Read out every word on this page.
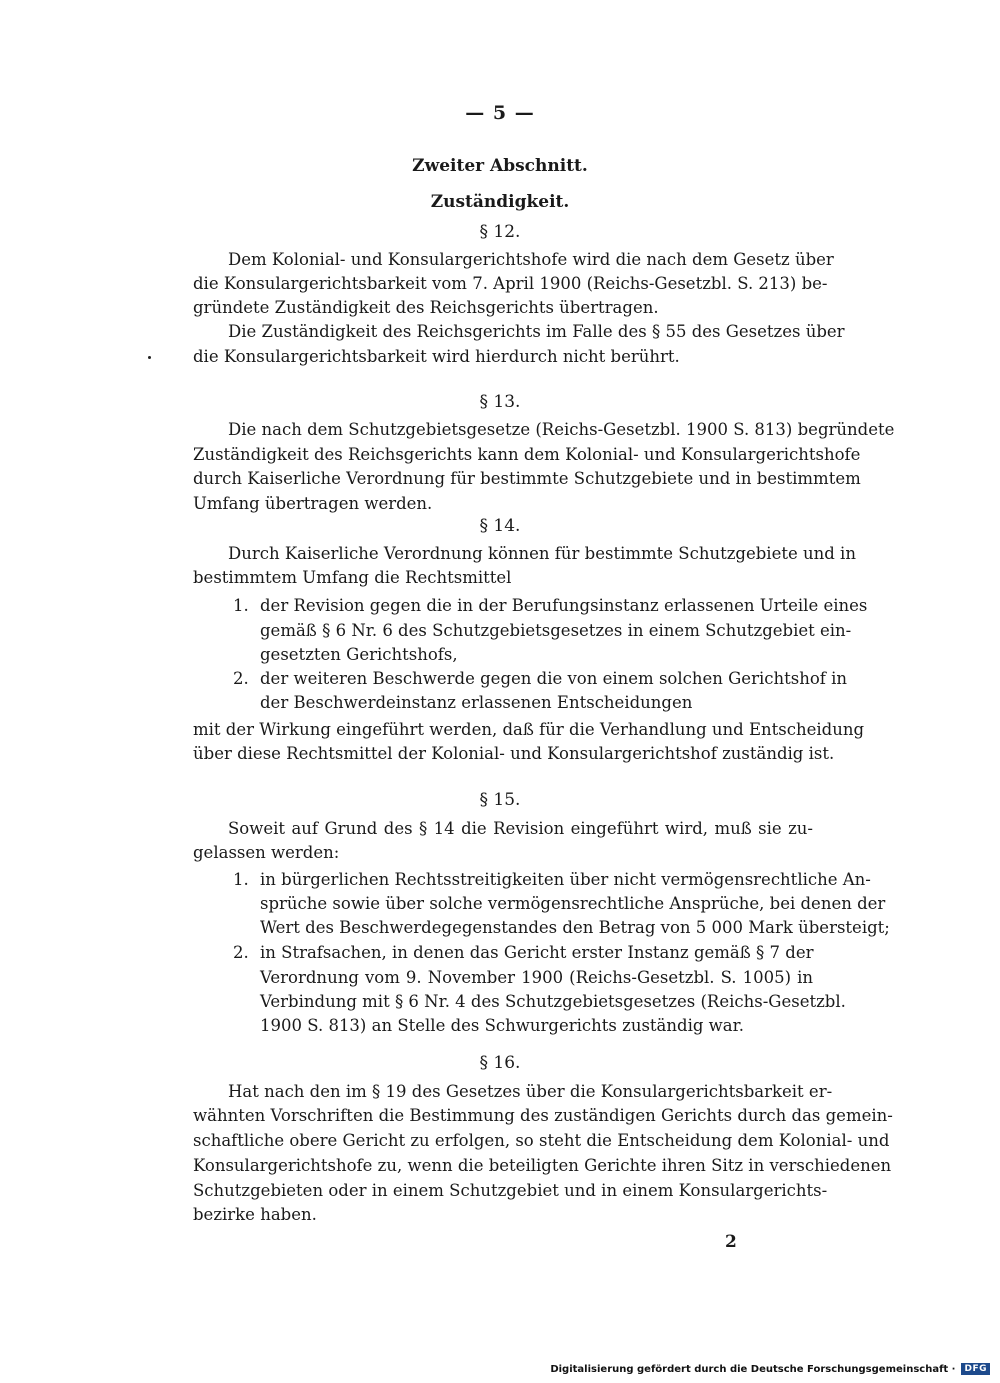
— 5 —
Zweiter Abschnitt.
Zuständigkeit.
§ 12.
Dem Kolonial- und Konsulargerichtshofe wird die nach dem Gesetz über
die Konsulargerichtsbarkeit vom 7. April 1900 (Reichs-Gesetzbl. S. 213) be-
gründete Zuständigkeit des Reichsgerichts übertragen.
Die Zuständigkeit des Reichsgerichts im Falle des § 55 des Gesetzes über
die Konsulargerichtsbarkeit wird hierdurch nicht berührt.
§ 13.
Die nach dem Schutzgebietsgesetze (Reichs-Gesetzbl. 1900 S. 813) begründete
Zuständigkeit des Reichsgerichts kann dem Kolonial- und Konsulargerichtshofe
durch Kaiserliche Verordnung für bestimmte Schutzgebiete und in bestimmtem
Umfang übertragen werden.
§ 14.
Durch Kaiserliche Verordnung können für bestimmte Schutzgebiete und in
bestimmtem Umfang die Rechtsmittel
1. der Revision gegen die in der Berufungsinstanz erlassenen Urteile eines
gemäß § 6 Nr. 6 des Schutzgebietsgesetzes in einem Schutzgebiet ein-
gesetzten Gerichtshofs,
2. der weiteren Beschwerde gegen die von einem solchen Gerichtshof in
der Beschwerdeinstanz erlassenen Entscheidungen
mit der Wirkung eingeführt werden, daß für die Verhandlung und Entscheidung
über diese Rechtsmittel der Kolonial- und Konsulargerichtshof zuständig ist.
§ 15.
Soweit auf Grund des § 14 die Revision eingeführt wird, muß sie zu-
gelassen werden:
1. in bürgerlichen Rechtsstreitigkeiten über nicht vermögensrechtliche An-
sprüche sowie über solche vermögensrechtliche Ansprüche, bei denen der
Wert des Beschwerdegegenstandes den Betrag von 5 000 Mark übersteigt;
2. in Strafsachen, in denen das Gericht erster Instanz gemäß § 7 der
Verordnung vom 9. November 1900 (Reichs-Gesetzbl. S. 1005) in
Verbindung mit § 6 Nr. 4 des Schutzgebietsgesetzes (Reichs-Gesetzbl.
1900 S. 813) an Stelle des Schwurgerichts zuständig war.
§ 16.
Hat nach den im § 19 des Gesetzes über die Konsulargerichtsbarkeit er-
wähnten Vorschriften die Bestimmung des zuständigen Gerichts durch das gemein-
schaftliche obere Gericht zu erfolgen, so steht die Entscheidung dem Kolonial- und
Konsulargerichtshofe zu, wenn die beteiligten Gerichte ihren Sitz in verschiedenen
Schutzgebieten oder in einem Schutzgebiet und in einem Konsulargerichts-
bezirke haben.
2
Digitalisierung gefördert durch die Deutsche Forschungsgemeinschaft ·	DFG
